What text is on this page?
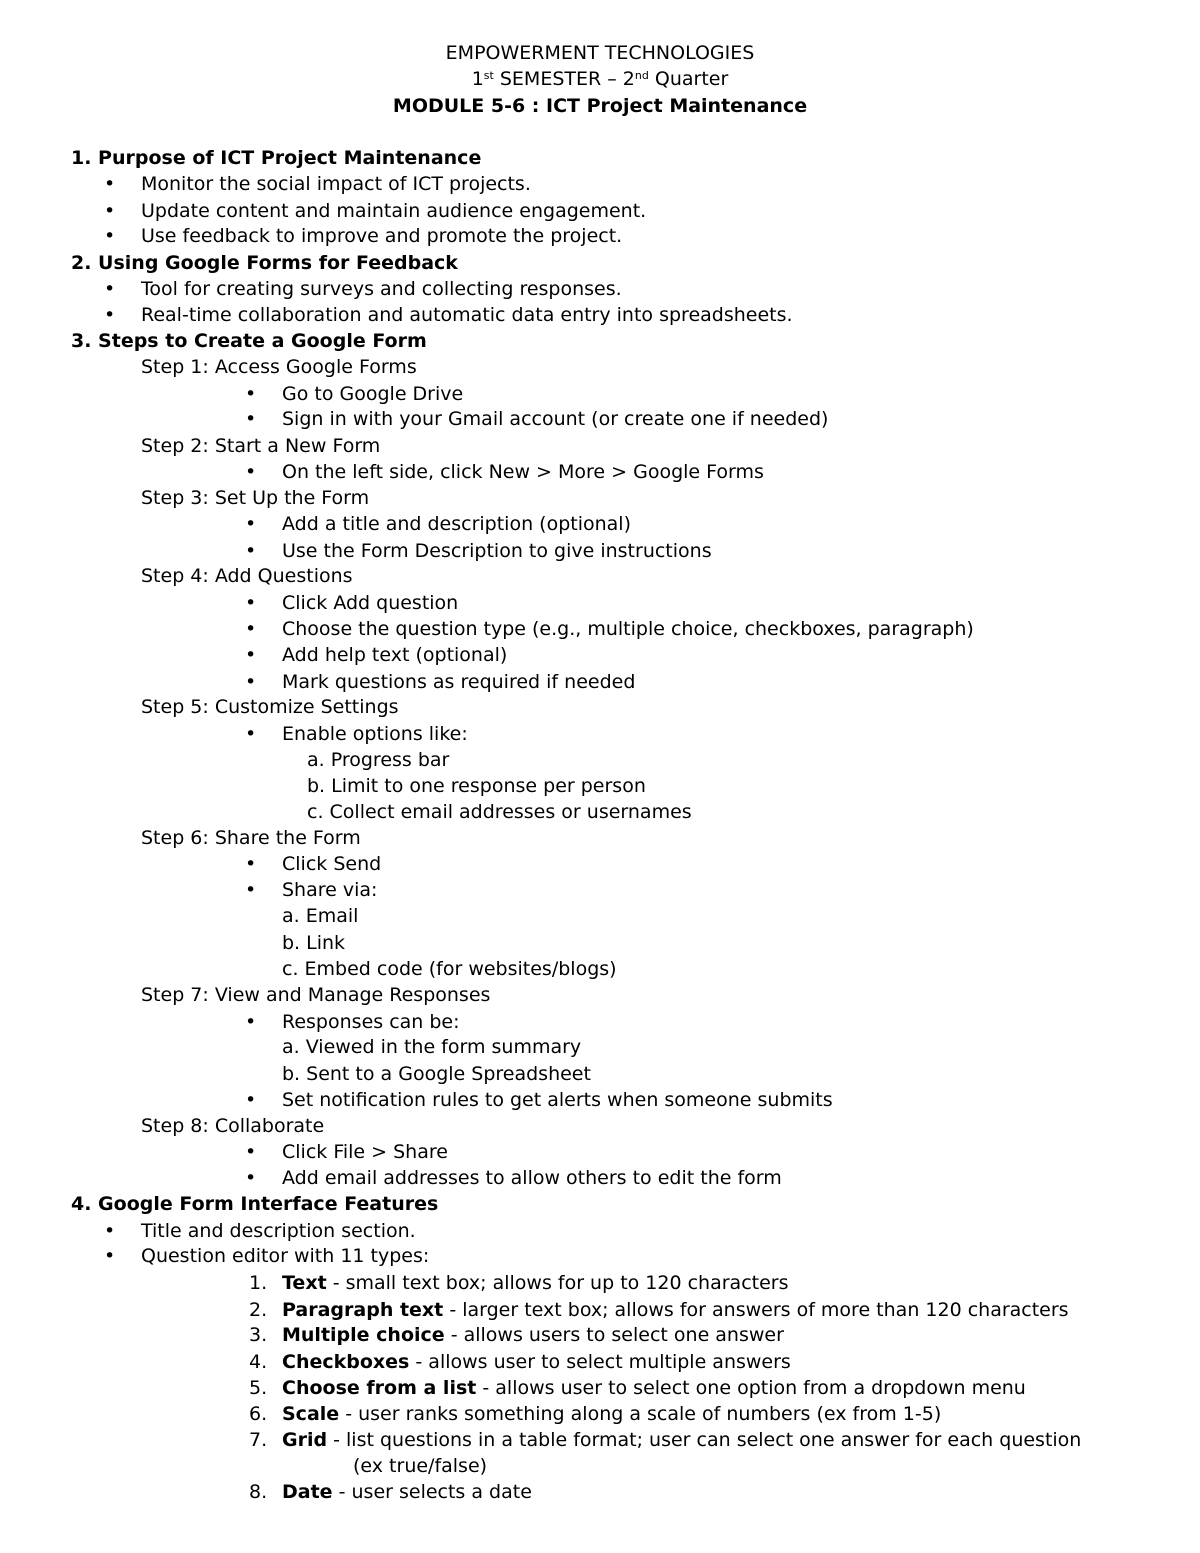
EMPOWERMENT TECHNOLOGIES
1st SEMESTER – 2nd Quarter
MODULE 5-6 : ICT Project Maintenance
1. Purpose of ICT Project Maintenance
• Monitor the social impact of ICT projects.
• Update content and maintain audience engagement.
• Use feedback to improve and promote the project.
2. Using Google Forms for Feedback
• Tool for creating surveys and collecting responses.
• Real-time collaboration and automatic data entry into spreadsheets.
3. Steps to Create a Google Form
Step 1: Access Google Forms
• Go to Google Drive
• Sign in with your Gmail account (or create one if needed)
Step 2: Start a New Form
• On the left side, click New > More > Google Forms
Step 3: Set Up the Form
• Add a title and description (optional)
• Use the Form Description to give instructions
Step 4: Add Questions
• Click Add question
• Choose the question type (e.g., multiple choice, checkboxes, paragraph)
• Add help text (optional)
• Mark questions as required if needed
Step 5: Customize Settings
• Enable options like:
a. Progress bar
b. Limit to one response per person
c. Collect email addresses or usernames
Step 6: Share the Form
• Click Send
• Share via:
a. Email
b. Link
c. Embed code (for websites/blogs)
Step 7: View and Manage Responses
• Responses can be:
a. Viewed in the form summary
b. Sent to a Google Spreadsheet
• Set notification rules to get alerts when someone submits
Step 8: Collaborate
• Click File > Share
• Add email addresses to allow others to edit the form
4. Google Form Interface Features
• Title and description section.
• Question editor with 11 types:
1. Text - small text box; allows for up to 120 characters
2. Paragraph text - larger text box; allows for answers of more than 120 characters
3. Multiple choice - allows users to select one answer
4. Checkboxes - allows user to select multiple answers
5. Choose from a list - allows user to select one option from a dropdown menu
6. Scale - user ranks something along a scale of numbers (ex from 1-5)
7. Grid - list questions in a table format; user can select one answer for each question
(ex true/false)
8. Date - user selects a date
